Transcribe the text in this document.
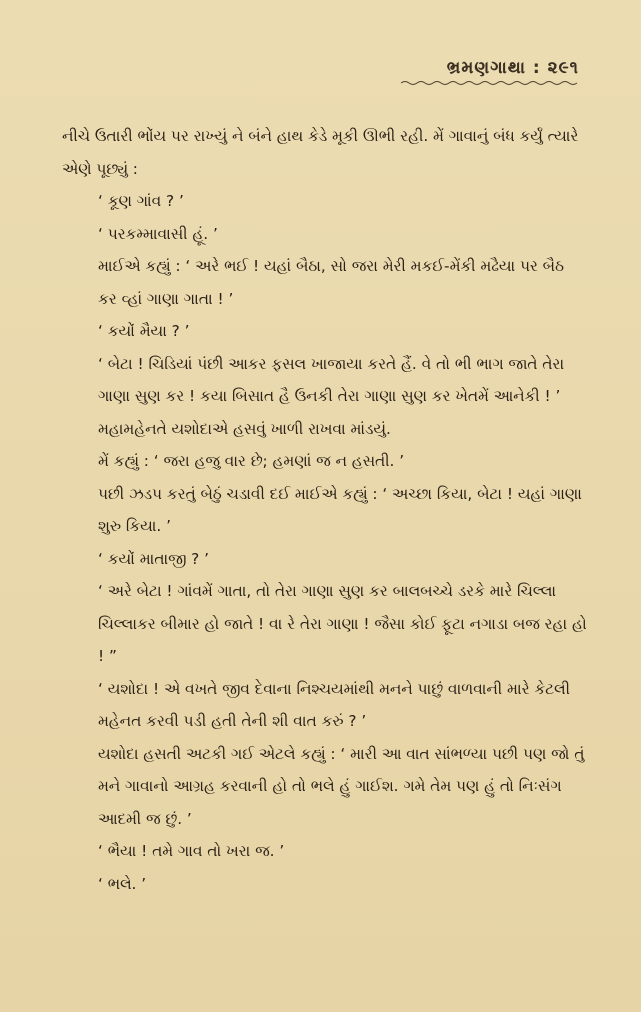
ભ્રમણગાથા : ૨૯૧

નીચે ઉતારી ભોંય પર રાખ્યું ને બંને હાથ કેડે મૂકી ઊભી રહી. મેં ગાવાનું બંધ કર્યું ત્યારે એણે પૂછ્યું :

‘ કૂણ ગાંવ ? ’

‘ પરકમ્માવાસી હૂં. ’

માઈએ કહ્યું : ‘ અરે ભઈ ! યહાં બૈઠા, સો જરા મેરી મકઈ-મેંકી મઢૈયા પર બૈઠ કર વ્હાં ગાણા ગાતા ! ’

‘ કયોં મૈયા ? ’

‘ બેટા ! ચિડિયાં પંછી આકર ફસલ ખાજાયા કરતે હૈં. વે તો ભી ભાગ જાતે તેરા ગાણા સુણ કર ! કયા બિસાત હૈ ઉનકી તેરા ગાણા સુણ કર ખેતમેં આનેકી ! ’

મહામહેનતે યશોદાએ હસવું ખાળી રાખવા માંડયું.

મેં કહ્યું : ‘ જરા હજુ વાર છે; હમણાં જ ન હસતી. ’

પછી ઝડપ કરતું બેઠું ચડાવી દઈ માઈએ કહ્યું : ‘ અચ્છા કિયા, બેટા ! યહાં ગાણા શુરુ કિયા. ’

‘ કયોં માતાજી ? ’

‘ અરે બેટા ! ગાંવમેં ગાતા, તો તેરા ગાણા સુણ કર બાલબચ્ચે ડરકે મારે ચિલ્લા ચિલ્લાકર બીમાર હો જાતે ! વા રે તેરા ગાણા ! જૈસા કોઈ ફૂટા નગાડા બજ રહા હો ! ”

‘ યશોદા ! એ વખતે જીવ દેવાના નિશ્ચયમાંથી મનને પાછું વાળવાની મારે કેટલી મહેનત કરવી પડી હતી તેની શી વાત કરું ? ’

યશોદા હસતી અટકી ગઈ એટલે કહ્યું : ‘ મારી આ વાત સાંભળ્યા પછી પણ જો તું મને ગાવાનો આગ્રહ કરવાની હો તો ભલે હું ગાઈશ. ગમે તેમ પણ હું તો નિઃસંગ આદમી જ છું. ’

‘ ભૈયા ! તમે ગાવ તો ખરા જ. ’

‘ ભલે. ’
